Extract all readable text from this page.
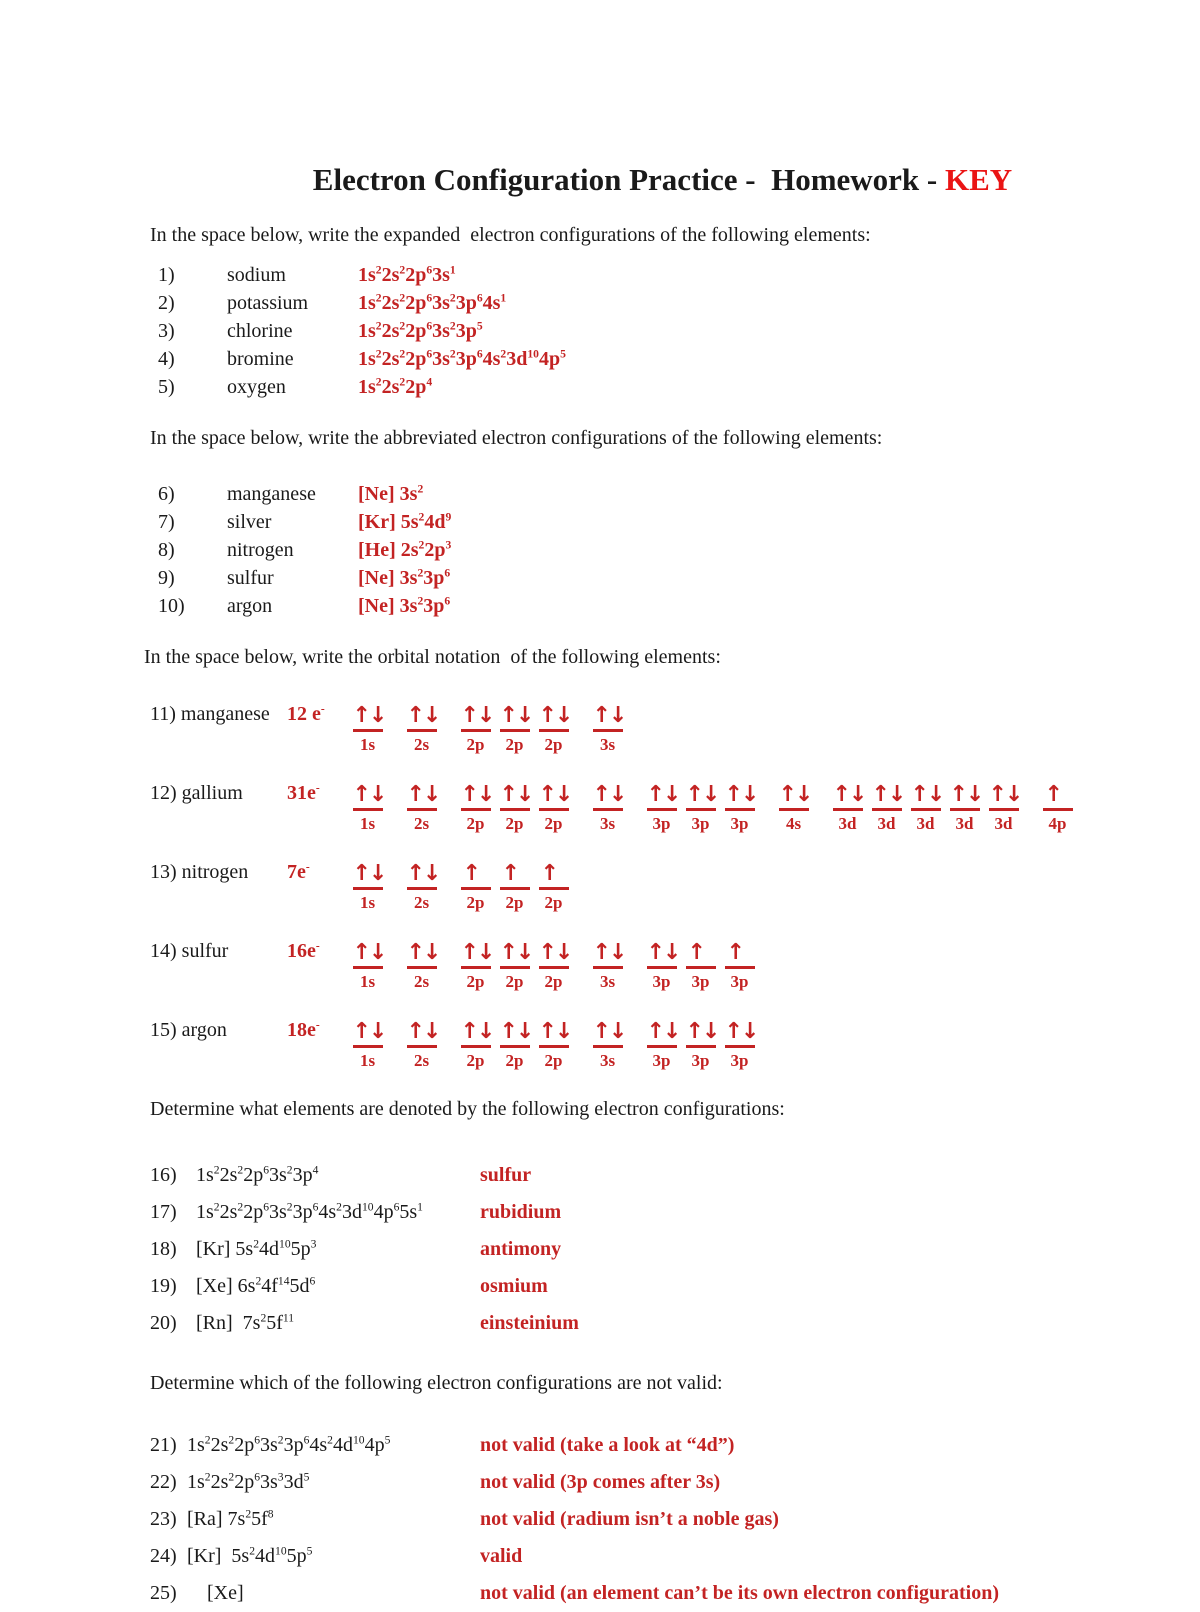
Electron Configuration Practice -  Homework - KEY

In the space below, write the expanded  electron configurations of the following elements:

1)	sodium	$1s^22s^22p^63s^1$
2)	potassium	$1s^22s^22p^63s^23p^64s^1$
3)	chlorine	$1s^22s^22p^63s^23p^5$
4)	bromine	$1s^22s^22p^63s^23p^64s^23d^{10}4p^5$
5)	oxygen	$1s^22s^22p^4$

In the space below, write the abbreviated electron configurations of the following elements:

6)	manganese	[Ne] $3s^2$
7)	silver	[Kr] $5s^24d^9$
8)	nitrogen	[He] $2s^22p^3$
9)	sulfur	[Ne] $3s^23p^6$
10)	argon	[Ne] $3s^23p^6$

In the space below, write the orbital notation  of the following elements:

11) manganese 12 e-	↑↓
1s
↑↓
2s
↑↓
2p
↑↓
2p
↑↓
2p
↑↓
3s
12) gallium	31e-	↑↓
1s
↑↓
2s
↑↓
2p
↑↓
2p
↑↓
2p
↑↓
3s
↑↓
3p
↑↓
3p
↑↓
3p
↑↓
4s
↑↓
3d
↑↓
3d
↑↓
3d
↑↓
3d
↑↓
3d
↑
4p
13) nitrogen	7e-	↑↓
1s
↑↓
2s
↑
2p
↑
2p
↑
2p
14) sulfur	16e-	↑↓
1s
↑↓
2s
↑↓
2p
↑↓
2p
↑↓
2p
↑↓
3s
↑↓
3p
↑
3p
↑
3p
15) argon	18e-	↑↓
1s
↑↓
2s
↑↓
2p
↑↓
2p
↑↓
2p
↑↓
3s
↑↓
3p
↑↓
3p
↑↓
3p

Determine what elements are denoted by the following electron configurations:

16) $1s^22s^22p^63s^23p^4$	sulfur
17) $1s^22s^22p^63s^23p^64s^23d^{10}4p^65s^1$	rubidium
18) [Kr] $5s^24d^{10}5p^3$	antimony
19) [Xe] $6s^24f^{14}5d^6$	osmium
20) [Rn]  $7s^25f^{11}$	einsteinium

Determine which of the following electron configurations are not valid:

21) $1s^22s^22p^63s^23p^64s^24d^{10}4p^5$	not valid (take a look at “4d”)
22) $1s^22s^22p^63s^33d^5$	not valid (3p comes after 3s)
23) [Ra] $7s^25f^8$	not valid (radium isn’t a noble gas)
24) [Kr]  $5s^24d^{10}5p^5$	valid
25) [Xe]	not valid (an element can’t be its own electron configuration)
